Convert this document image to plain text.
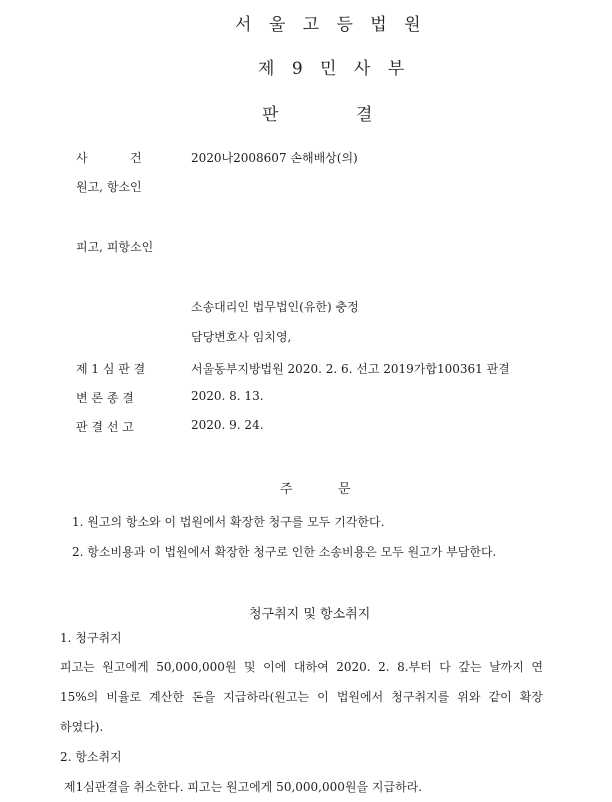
서 울 고 등 법 원
제 9 민 사 부
판	결
사	건	2020나2008607 손해배상(의)
원고, 항소인
피고, 피항소인
소송대리인 법무법인(유한) 충정
담당변호사 임치영,
제 1 심 판 결	서울동부지방법원 2020. 2. 6. 선고 2019가합100361 판결
변 론 종 결	2020. 8. 13.
판 결 선 고	2020. 9. 24.
주	문
1. 원고의 항소와 이 법원에서 확장한 청구를 모두 기각한다.
2. 항소비용과 이 법원에서 확장한 청구로 인한 소송비용은 모두 원고가 부담한다.
청구취지 및 항소취지
1. 청구취지
피고는 원고에게 50,000,000원 및 이에 대하여 2020. 2. 8.부터 다 갚는 날까지 연
15%의 비율로 계산한 돈을 지급하라(원고는 이 법원에서 청구취지를 위와 같이 확장
하였다).
2. 항소취지
제1심판결을 취소한다. 피고는 원고에게 50,000,000원을 지급하라.
